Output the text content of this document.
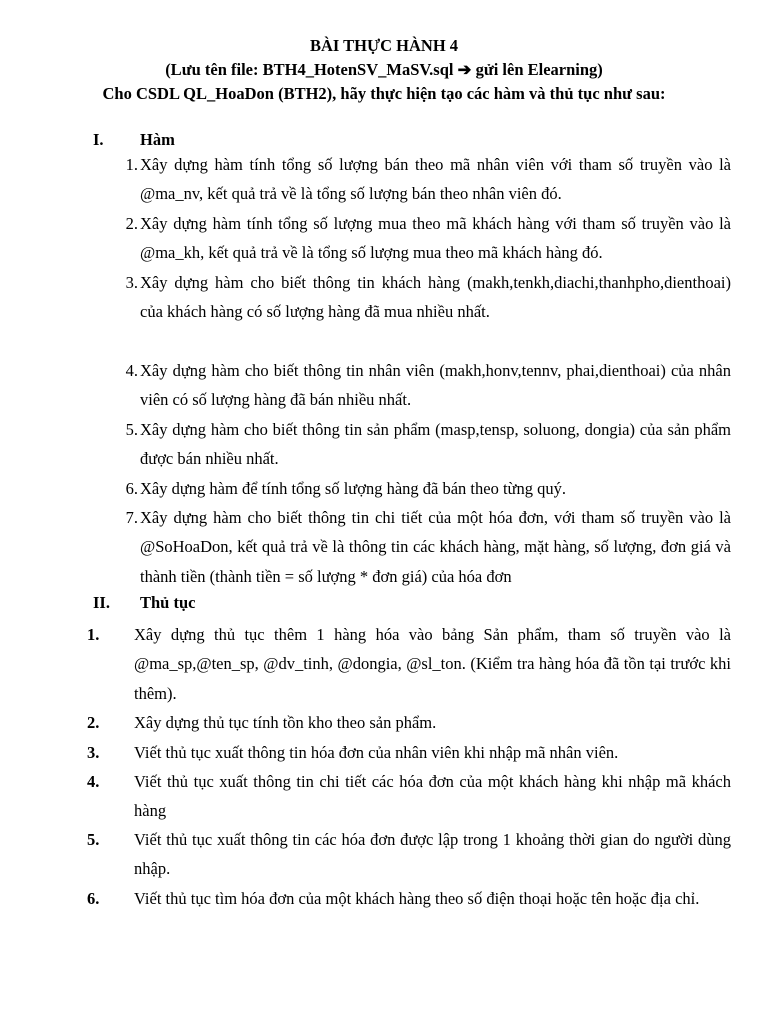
BÀI THỰC HÀNH 4
(Lưu tên file: BTH4_HotenSV_MaSV.sql ➔ gửi lên Elearning)
Cho CSDL QL_HoaDon (BTH2), hãy thực hiện tạo các hàm và thủ tục như sau:
I. Hàm
1. Xây dựng hàm tính tổng số lượng bán theo mã nhân viên với tham số truyền vào là @ma_nv, kết quả trả về là tổng số lượng bán theo nhân viên đó.
2. Xây dựng hàm tính tổng số lượng mua theo mã khách hàng với tham số truyền vào là @ma_kh, kết quả trả về là tổng số lượng mua theo mã khách hàng đó.
3. Xây dựng hàm cho biết thông tin khách hàng (makh,tenkh,diachi,thanhpho,dienthoai) của khách hàng có số lượng hàng đã mua nhiều nhất.
4. Xây dựng hàm cho biết thông tin nhân viên (makh,honv,tennv, phai,dienthoai) của nhân viên có số lượng hàng đã bán nhiều nhất.
5. Xây dựng hàm cho biết thông tin sản phẩm (masp,tensp, soluong, dongia) của sản phẩm được bán nhiều nhất.
6. Xây dựng hàm để tính tổng số lượng hàng đã bán theo từng quý.
7. Xây dựng hàm cho biết thông tin chi tiết của một hóa đơn, với tham số truyền vào là @SoHoaDon, kết quả trả về là thông tin các khách hàng, mặt hàng, số lượng, đơn giá và thành tiền (thành tiền = số lượng * đơn giá) của hóa đơn
II. Thủ tục
1. Xây dựng thủ tục thêm 1 hàng hóa vào bảng Sản phẩm, tham số truyền vào là @ma_sp,@ten_sp, @dv_tinh, @dongia, @sl_ton. (Kiểm tra hàng hóa đã tồn tại trước khi thêm).
2. Xây dựng thủ tục tính tồn kho theo sản phẩm.
3. Viết thủ tục xuất thông tin hóa đơn của nhân viên khi nhập mã nhân viên.
4. Viết thủ tục xuất thông tin chi tiết các hóa đơn của một khách hàng khi nhập mã khách hàng
5. Viết thủ tục xuất thông tin các hóa đơn được lập trong 1 khoảng thời gian do người dùng nhập.
6. Viết thủ tục tìm hóa đơn của một khách hàng theo số điện thoại hoặc tên hoặc địa chỉ.
